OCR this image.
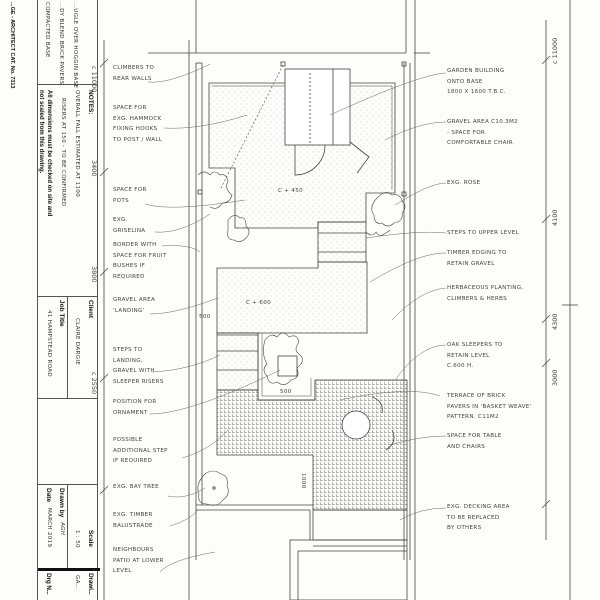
...UGLE OVER HOGGIN BASE
...DY BLEND BRICK PAVERS
COMPACTED BASE
...GE - ARCHITECT CAT. No. 7313
NOTES:
OVERALL FALL ESTIMATED AT 1100
RISERS AT 150 - TO BE CONFIRMED
All dimensions must be checked on site and
not scaled from this drawing.
Client
CLAIRE DARGIE
Job Title
41 HAMPSTEAD ROAD
Scale
1 : 50
Drawn by
AGH
Date
MARCH 2019
Drawi...
GA...
Drg N...
c 11000
3400
3800
c 2550
c 11000
4100
4300
3000
C + 450
C + 600
500
500
1000
CLIMBERS TO
REAR WALLS
SPACE FOR
EXG. HAMMOCK
FIXING HOOKS
TO POST / WALL
SPACE FOR
POTS
EXG.
GRISELINA
BORDER WITH
SPACE FOR FRUIT
BUSHES IF
REQUIRED
GRAVEL AREA
'LANDING'
STEPS TO
LANDING,
GRAVEL WITH
SLEEPER RISERS
POSITION FOR
ORNAMENT
POSSIBLE
ADDITIONAL STEP
IF REQUIRED
EXG. BAY TREE
EXG. TIMBER
BALUSTRADE
NEIGHBOURS
PATIO AT LOWER
LEVEL
GARDEN BUILDING
ONTO BASE
1800 X 1600 T.B.C.
GRAVEL AREA C10.3M2
- SPACE FOR
COMFORTABLE CHAIR
EXG. ROSE
STEPS TO UPPER LEVEL
TIMBER EDGING TO
RETAIN GRAVEL
HERBACEOUS PLANTING,
CLIMBERS & HERBS
OAK SLEEPERS TO
RETAIN LEVEL
C.600 H.
TERRACE OF BRICK
PAVERS IN 'BASKET WEAVE'
PATTERN. C11M2
SPACE FOR TABLE
AND CHAIRS
EXG. DECKING AREA
TO BE REPLACED
BY OTHERS
